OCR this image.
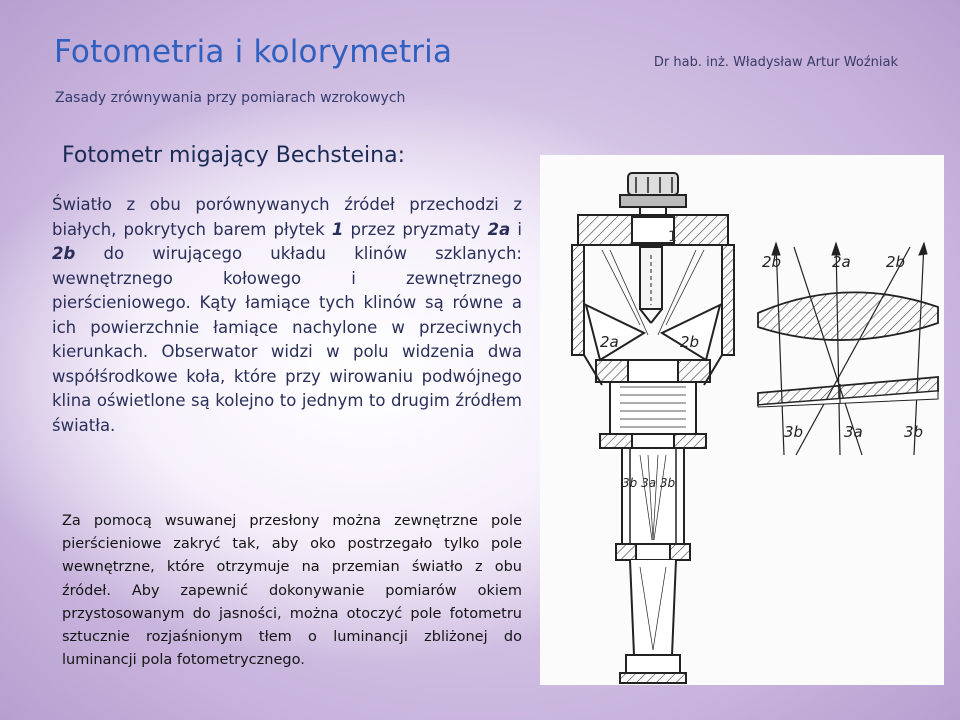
Fotometria i kolorymetria	Dr hab. inż. Władysław Artur Woźniak
Zasady zrównywania przy pomiarach wzrokowych
Fotometr migający Bechsteina:

Światło z obu porównywanych źródeł przechodzi z białych, pokrytych barem płytek 1 przez pryzmaty 2a i 2b do wirującego układu klinów szklanych: wewnętrznego kołowego i zewnętrznego pierścieniowego. Kąty łamiące tych klinów są równe a ich powierzchnie łamiące nachylone w przeciwnych kierunkach. Obserwator widzi w polu widzenia dwa współśrodkowe koła, które przy wirowaniu podwójnego klina oświetlone są kolejno to jednym to drugim źródłem światła.

Za pomocą wsuwanej przesłony można zewnętrzne pole pierścieniowe zakryć tak, aby oko postrzegało tylko pole wewnętrzne, które otrzymuje na przemian światło z obu źródeł. Aby zapewnić dokonywanie pomiarów okiem przystosowanym do jasności, można otoczyć pole fotometru sztucznie rozjaśnionym tłem o luminancji zbliżonej do luminancji pola fotometrycznego.

1
2a	2b
3b 3a 3b
2b	2a 2b
3b	3a	3b
